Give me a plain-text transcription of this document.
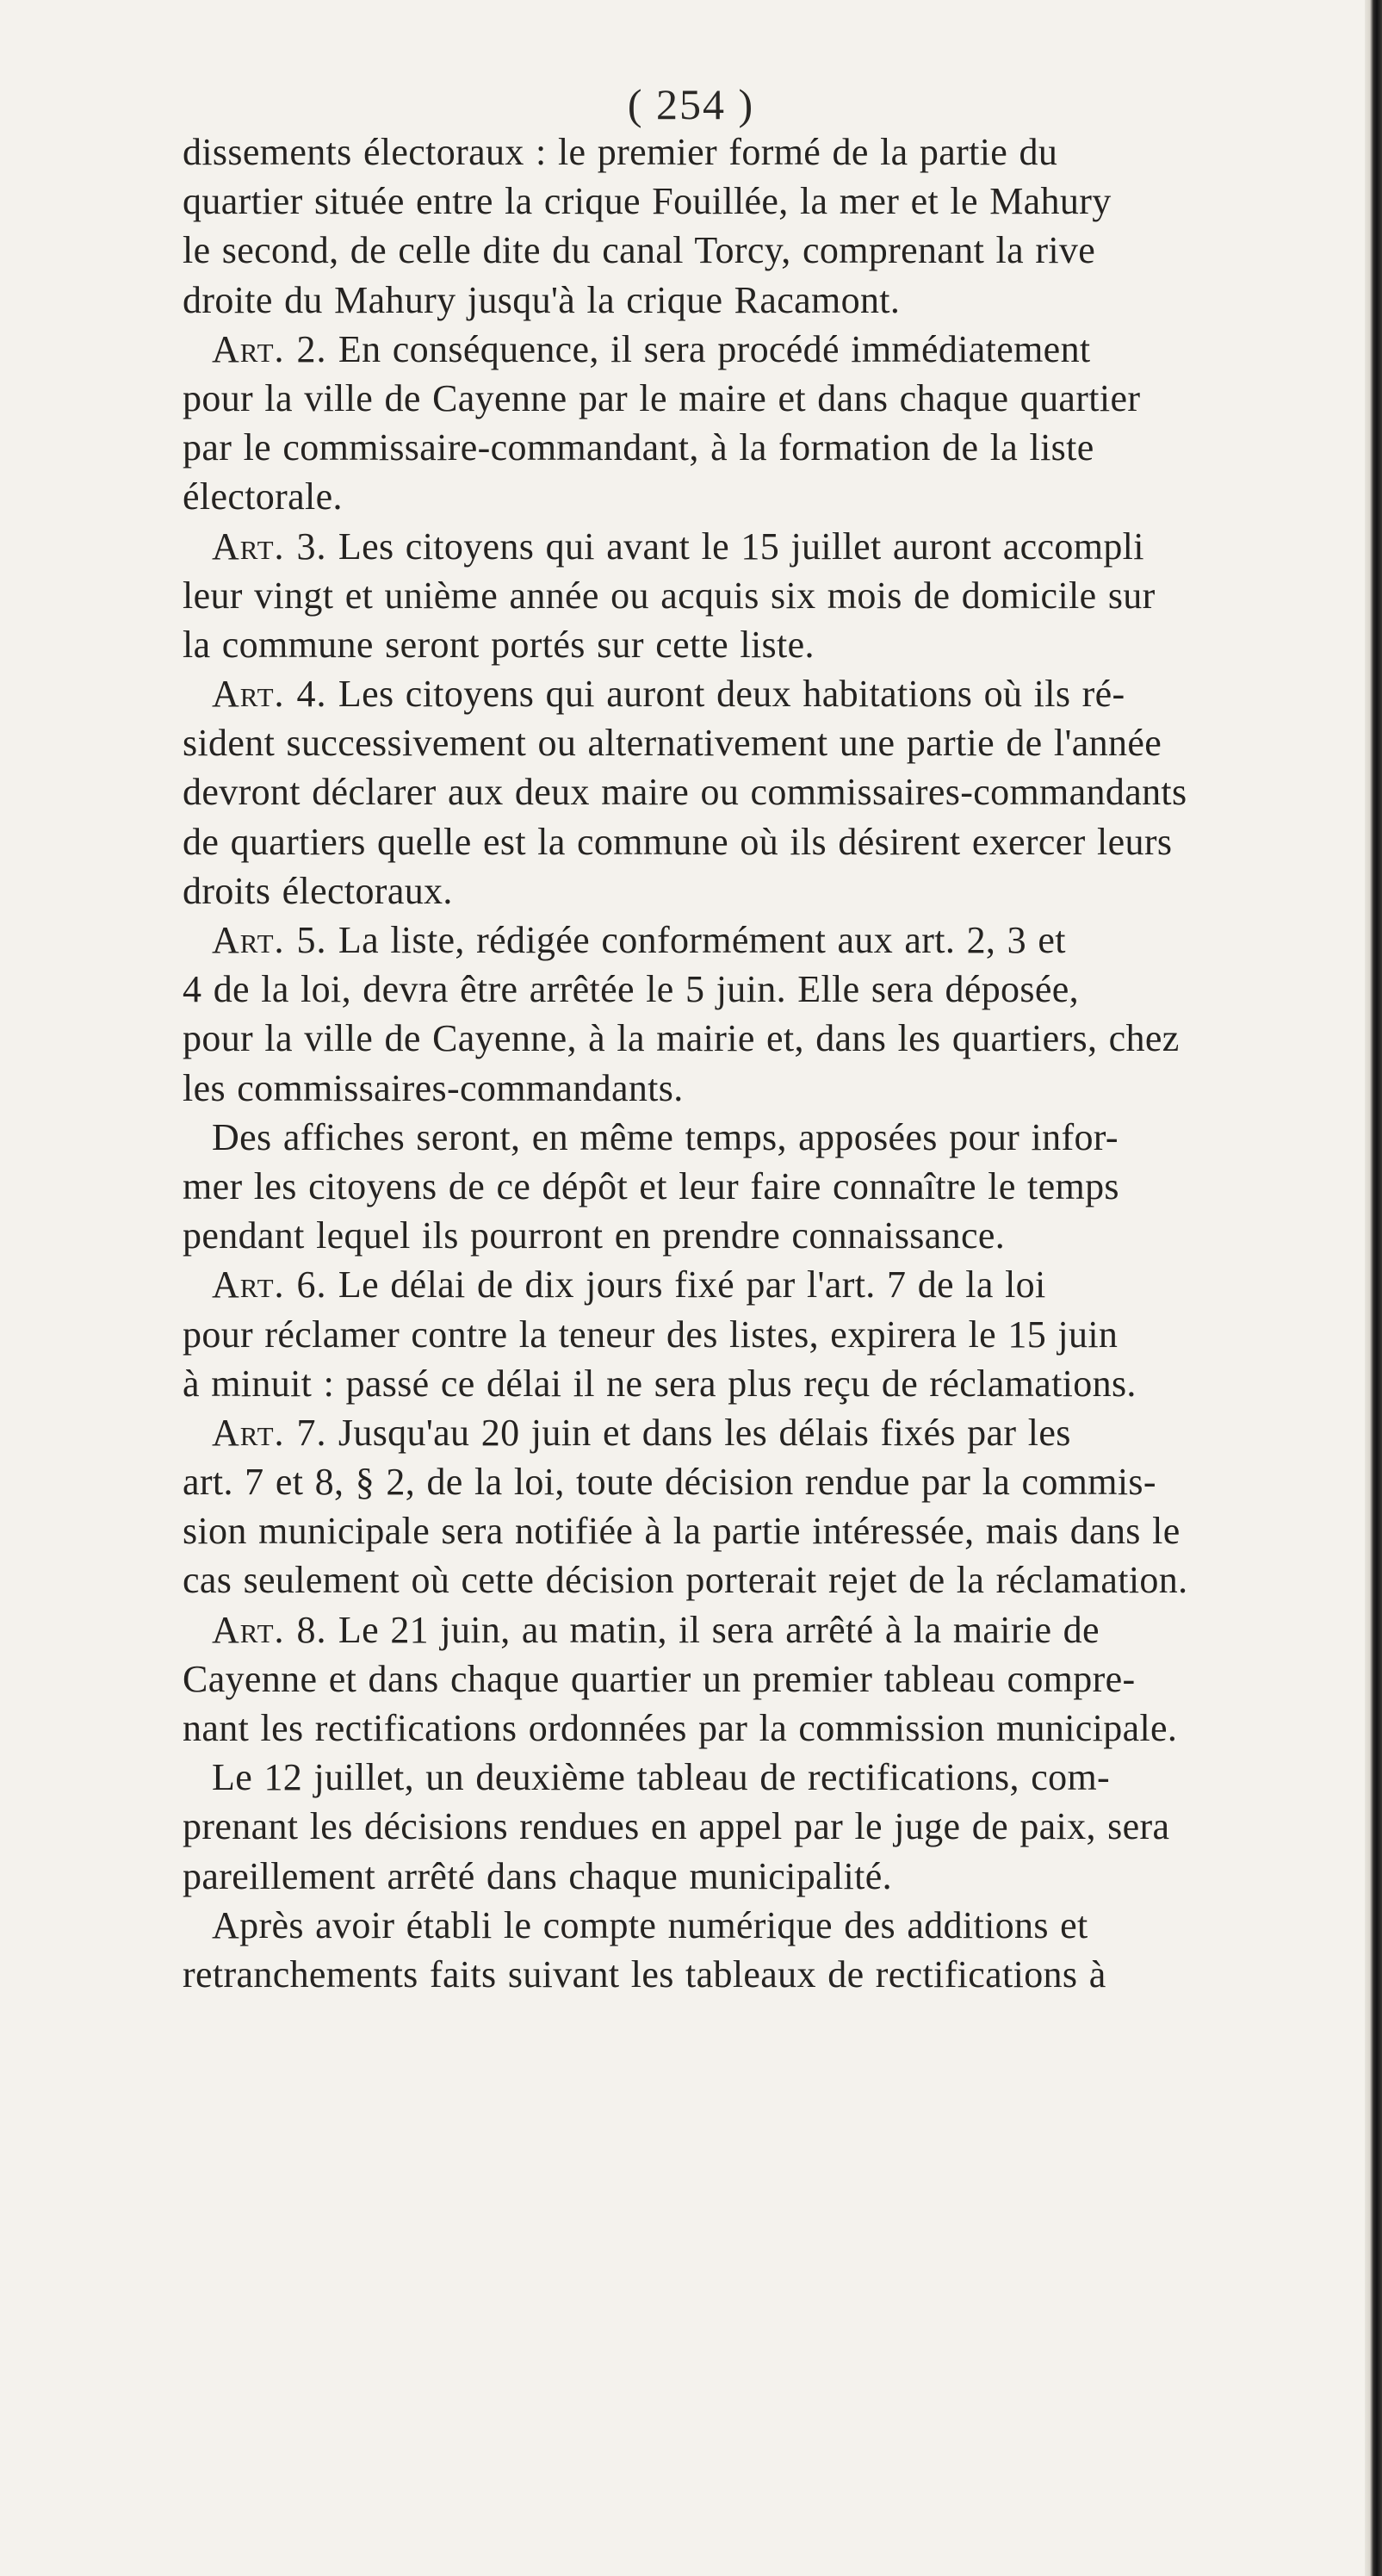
( 254 )
dissements électoraux : le premier formé de la partie du
quartier située entre la crique Fouillée, la mer et le Mahury
le second, de celle dite du canal Torcy, comprenant la rive
droite du Mahury jusqu'à la crique Racamont.
Art. 2. En conséquence, il sera procédé immédiatement
pour la ville de Cayenne par le maire et dans chaque quartier
par le commissaire-commandant, à la formation de la liste
électorale.
Art. 3. Les citoyens qui avant le 15 juillet auront accompli
leur vingt et unième année ou acquis six mois de domicile sur
la commune seront portés sur cette liste.
Art. 4. Les citoyens qui auront deux habitations où ils ré-
sident successivement ou alternativement une partie de l'année
devront déclarer aux deux maire ou commissaires-commandants
de quartiers quelle est la commune où ils désirent exercer leurs
droits électoraux.
Art. 5. La liste, rédigée conformément aux art. 2, 3 et
4 de la loi, devra être arrêtée le 5 juin. Elle sera déposée,
pour la ville de Cayenne, à la mairie et, dans les quartiers, chez
les commissaires-commandants.
Des affiches seront, en même temps, apposées pour infor-
mer les citoyens de ce dépôt et leur faire connaître le temps
pendant lequel ils pourront en prendre connaissance.
Art. 6. Le délai de dix jours fixé par l'art. 7 de la loi
pour réclamer contre la teneur des listes, expirera le 15 juin
à minuit : passé ce délai il ne sera plus reçu de réclamations.
Art. 7. Jusqu'au 20 juin et dans les délais fixés par les
art. 7 et 8, § 2, de la loi, toute décision rendue par la commis-
sion municipale sera notifiée à la partie intéressée, mais dans le
cas seulement où cette décision porterait rejet de la réclamation.
Art. 8. Le 21 juin, au matin, il sera arrêté à la mairie de
Cayenne et dans chaque quartier un premier tableau compre-
nant les rectifications ordonnées par la commission municipale.
Le 12 juillet, un deuxième tableau de rectifications, com-
prenant les décisions rendues en appel par le juge de paix, sera
pareillement arrêté dans chaque municipalité.
Après avoir établi le compte numérique des additions et
retranchements faits suivant les tableaux de rectifications à
